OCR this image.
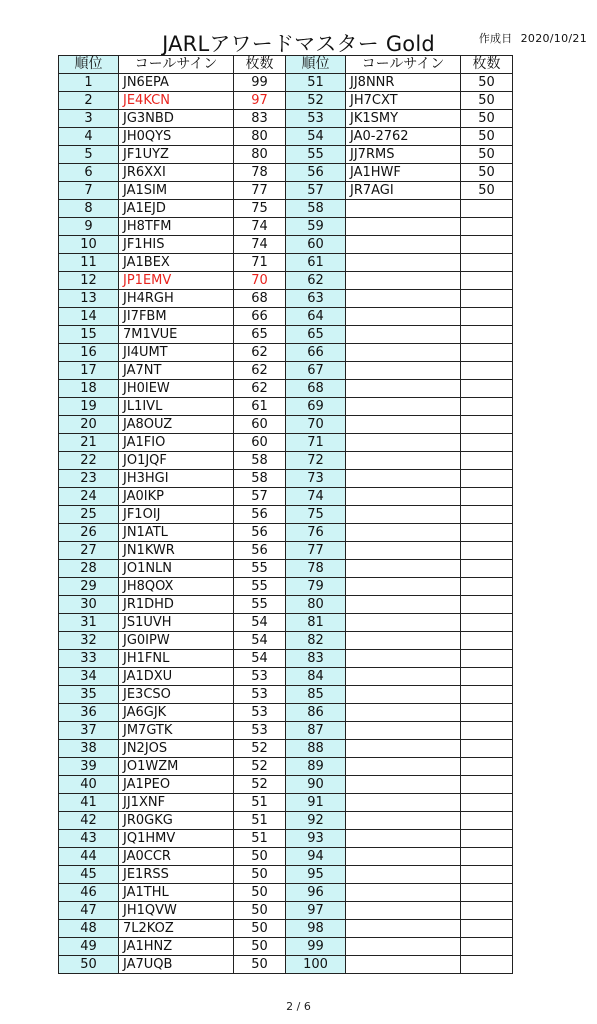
JARLアワードマスター Gold	作成日 2020/10/21
順位	コールサイン	枚数	順位	コールサイン	枚数
1	JN6EPA	99	51	JJ8NNR	50
2	JE4KCN	97	52	JH7CXT	50
3	JG3NBD	83	53	JK1SMY	50
4	JH0QYS	80	54	JA0-2762	50
5	JF1UYZ	80	55	JJ7RMS	50
6	JR6XXI	78	56	JA1HWF	50
7	JA1SIM	77	57	JR7AGI	50
8	JA1EJD	75	58		
9	JH8TFM	74	59		
10	JF1HIS	74	60		
11	JA1BEX	71	61		
12	JP1EMV	70	62		
13	JH4RGH	68	63		
14	JI7FBM	66	64		
15	7M1VUE	65	65		
16	JI4UMT	62	66		
17	JA7NT	62	67		
18	JH0IEW	62	68		
19	JL1IVL	61	69		
20	JA8OUZ	60	70		
21	JA1FIO	60	71		
22	JO1JQF	58	72		
23	JH3HGI	58	73		
24	JA0IKP	57	74		
25	JF1OIJ	56	75		
26	JN1ATL	56	76		
27	JN1KWR	56	77		
28	JO1NLN	55	78		
29	JH8QOX	55	79		
30	JR1DHD	55	80		
31	JS1UVH	54	81		
32	JG0IPW	54	82		
33	JH1FNL	54	83		
34	JA1DXU	53	84		
35	JE3CSO	53	85		
36	JA6GJK	53	86		
37	JM7GTK	53	87		
38	JN2JOS	52	88		
39	JO1WZM	52	89		
40	JA1PEO	52	90		
41	JJ1XNF	51	91		
42	JR0GKG	51	92		
43	JQ1HMV	51	93		
44	JA0CCR	50	94		
45	JE1RSS	50	95		
46	JA1THL	50	96		
47	JH1QVW	50	97		
48	7L2KOZ	50	98		
49	JA1HNZ	50	99		
50	JA7UQB	50	100		
2 / 6
